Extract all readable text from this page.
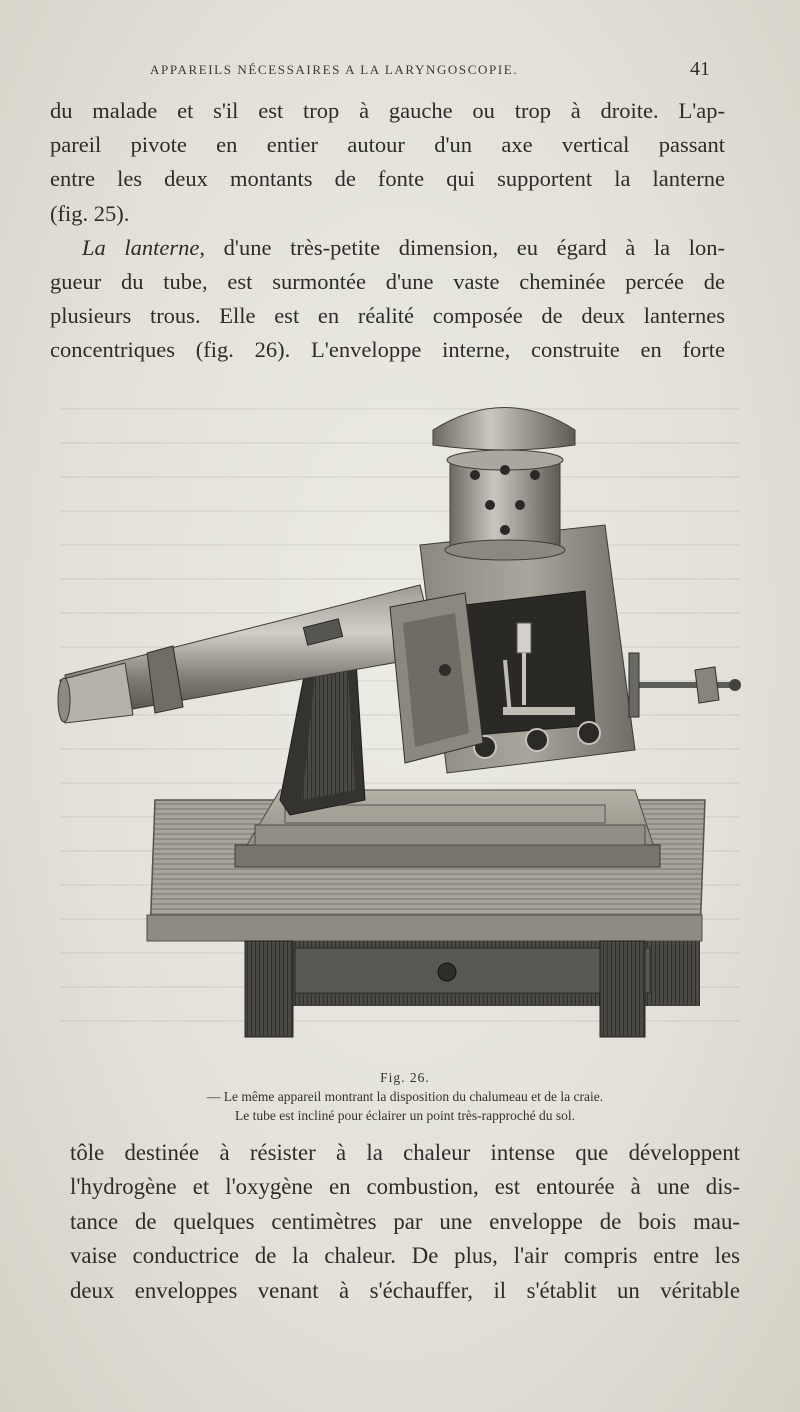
APPAREILS NÉCESSAIRES A LA LARYNGOSCOPIE.	41
du malade et s'il est trop à gauche ou trop à droite. L'ap-
pareil pivote en entier autour d'un axe vertical passant
entre les deux montants de fonte qui supportent la lanterne
(fig. 25).
La lanterne, d'une très-petite dimension, eu égard à la lon-
gueur du tube, est surmontée d'une vaste cheminée percée de
plusieurs trous. Elle est en réalité composée de deux lanternes
concentriques (fig. 26). L'enveloppe interne, construite en forte
Fig. 26.
— Le même appareil montrant la disposition du chalumeau et de la craie.
Le tube est incliné pour éclairer un point très-rapproché du sol.
tôle destinée à résister à la chaleur intense que développent
l'hydrogène et l'oxygène en combustion, est entourée à une dis-
tance de quelques centimètres par une enveloppe de bois mau-
vaise conductrice de la chaleur. De plus, l'air compris entre les
deux enveloppes venant à s'échauffer, il s'établit un véritable
